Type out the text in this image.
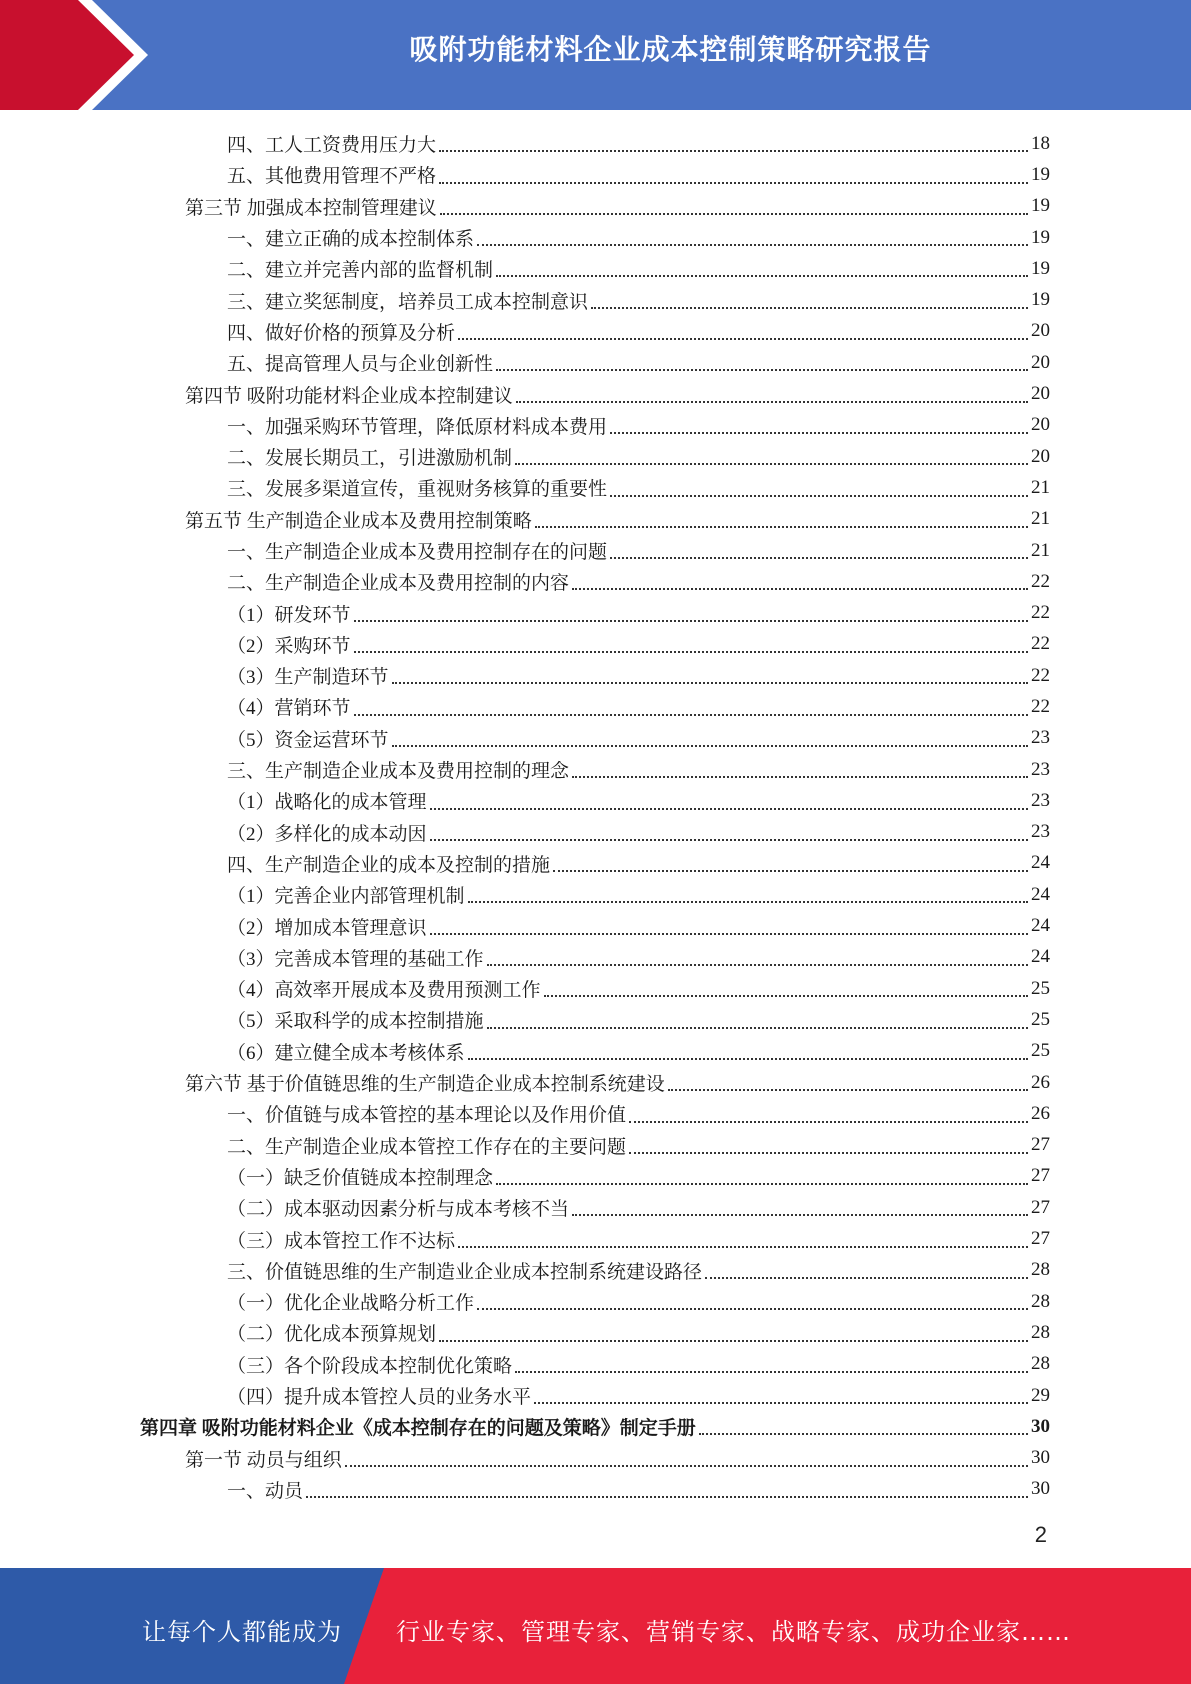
吸附功能材料企业成本控制策略研究报告
四、工人工资费用压力大	18
五、其他费用管理不严格	19
第三节 加强成本控制管理建议	19
一、建立正确的成本控制体系	19
二、建立并完善内部的监督机制	19
三、建立奖惩制度，培养员工成本控制意识	19
四、做好价格的预算及分析	20
五、提高管理人员与企业创新性	20
第四节 吸附功能材料企业成本控制建议	20
一、加强采购环节管理，降低原材料成本费用	20
二、发展长期员工，引进激励机制	20
三、发展多渠道宣传，重视财务核算的重要性	21
第五节 生产制造企业成本及费用控制策略	21
一、生产制造企业成本及费用控制存在的问题	21
二、生产制造企业成本及费用控制的内容	22
（1）研发环节	22
（2）采购环节	22
（3）生产制造环节	22
（4）营销环节	22
（5）资金运营环节	23
三、生产制造企业成本及费用控制的理念	23
（1）战略化的成本管理	23
（2）多样化的成本动因	23
四、生产制造企业的成本及控制的措施	24
（1）完善企业内部管理机制	24
（2）增加成本管理意识	24
（3）完善成本管理的基础工作	24
（4）高效率开展成本及费用预测工作	25
（5）采取科学的成本控制措施	25
（6）建立健全成本考核体系	25
第六节 基于价值链思维的生产制造企业成本控制系统建设	26
一、价值链与成本管控的基本理论以及作用价值	26
二、生产制造企业成本管控工作存在的主要问题	27
（一）缺乏价值链成本控制理念	27
（二）成本驱动因素分析与成本考核不当	27
（三）成本管控工作不达标	27
三、价值链思维的生产制造业企业成本控制系统建设路径	28
（一）优化企业战略分析工作	28
（二）优化成本预算规划	28
（三）各个阶段成本控制优化策略	28
（四）提升成本管控人员的业务水平	29
第四章 吸附功能材料企业《成本控制存在的问题及策略》制定手册	30
第一节 动员与组织	30
一、动员	30
2
让每个人都能成为 行业专家、管理专家、营销专家、战略专家、成功企业家……
